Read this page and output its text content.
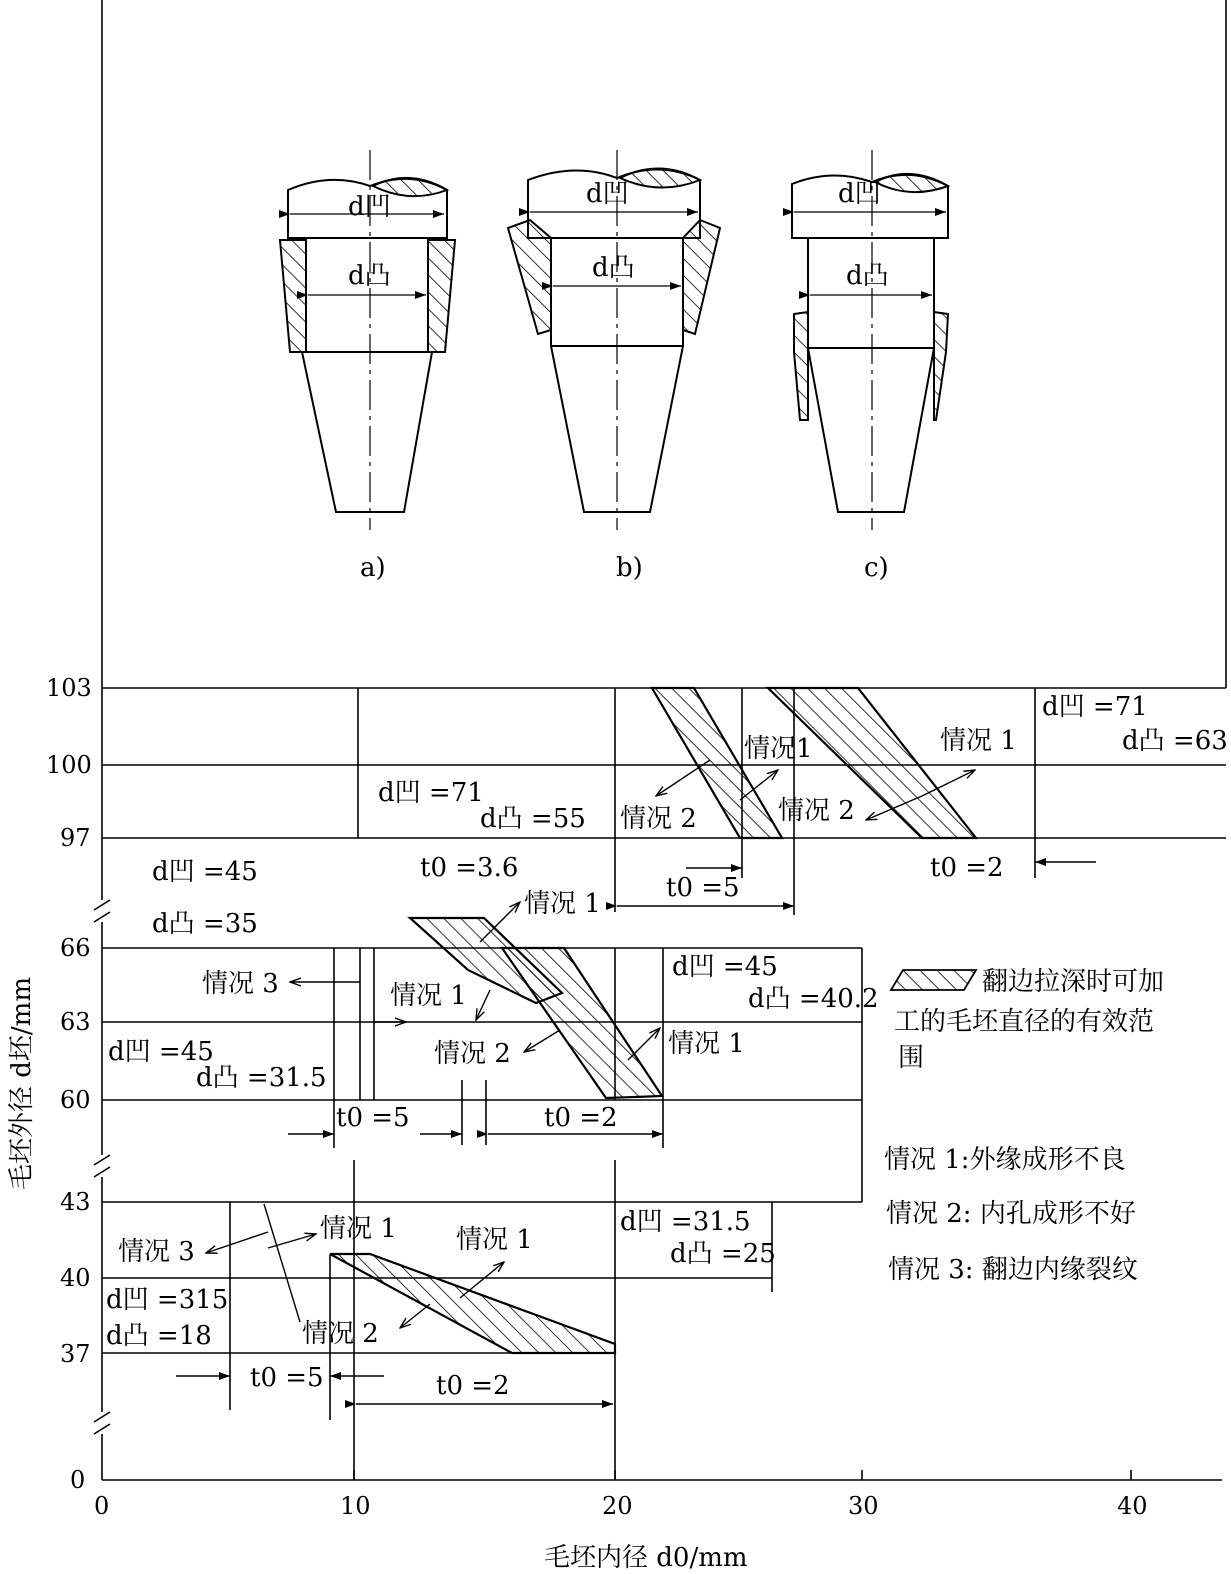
d凹
d凸
a)
d凹
d凸
b)
d凹
d凸
c)
0	10	20	30	40
0
37
40
43
60
63
66
97
100
103
毛坯内径 d0/mm
毛坯外径 d坯/mm
d凹 =71
d凸 =55
d凹 =71
d凸 =63
情况1
情况 2	情况 2
情况 1
t0 =5
t0 =2
d凹 =45
d凸 =35
t0 =3.6
情况 1
情况 3	情况 1
d凹 =45
d凸 =31.5
情况 2
d凹 =45
d凸 =40.2
情况 1
t0 =5	t0 =2
情况 3
情况 1 情况 1
d凹 =31.5
d凸 =25
d凹 =315
d凸 =18	情况 2
t0 =5	t0 =2
翻边拉深时可加
工的毛坯直径的有效范
围
情况 1:外缘成形不良
情况 2: 内孔成形不好
情况 3: 翻边内缘裂纹
